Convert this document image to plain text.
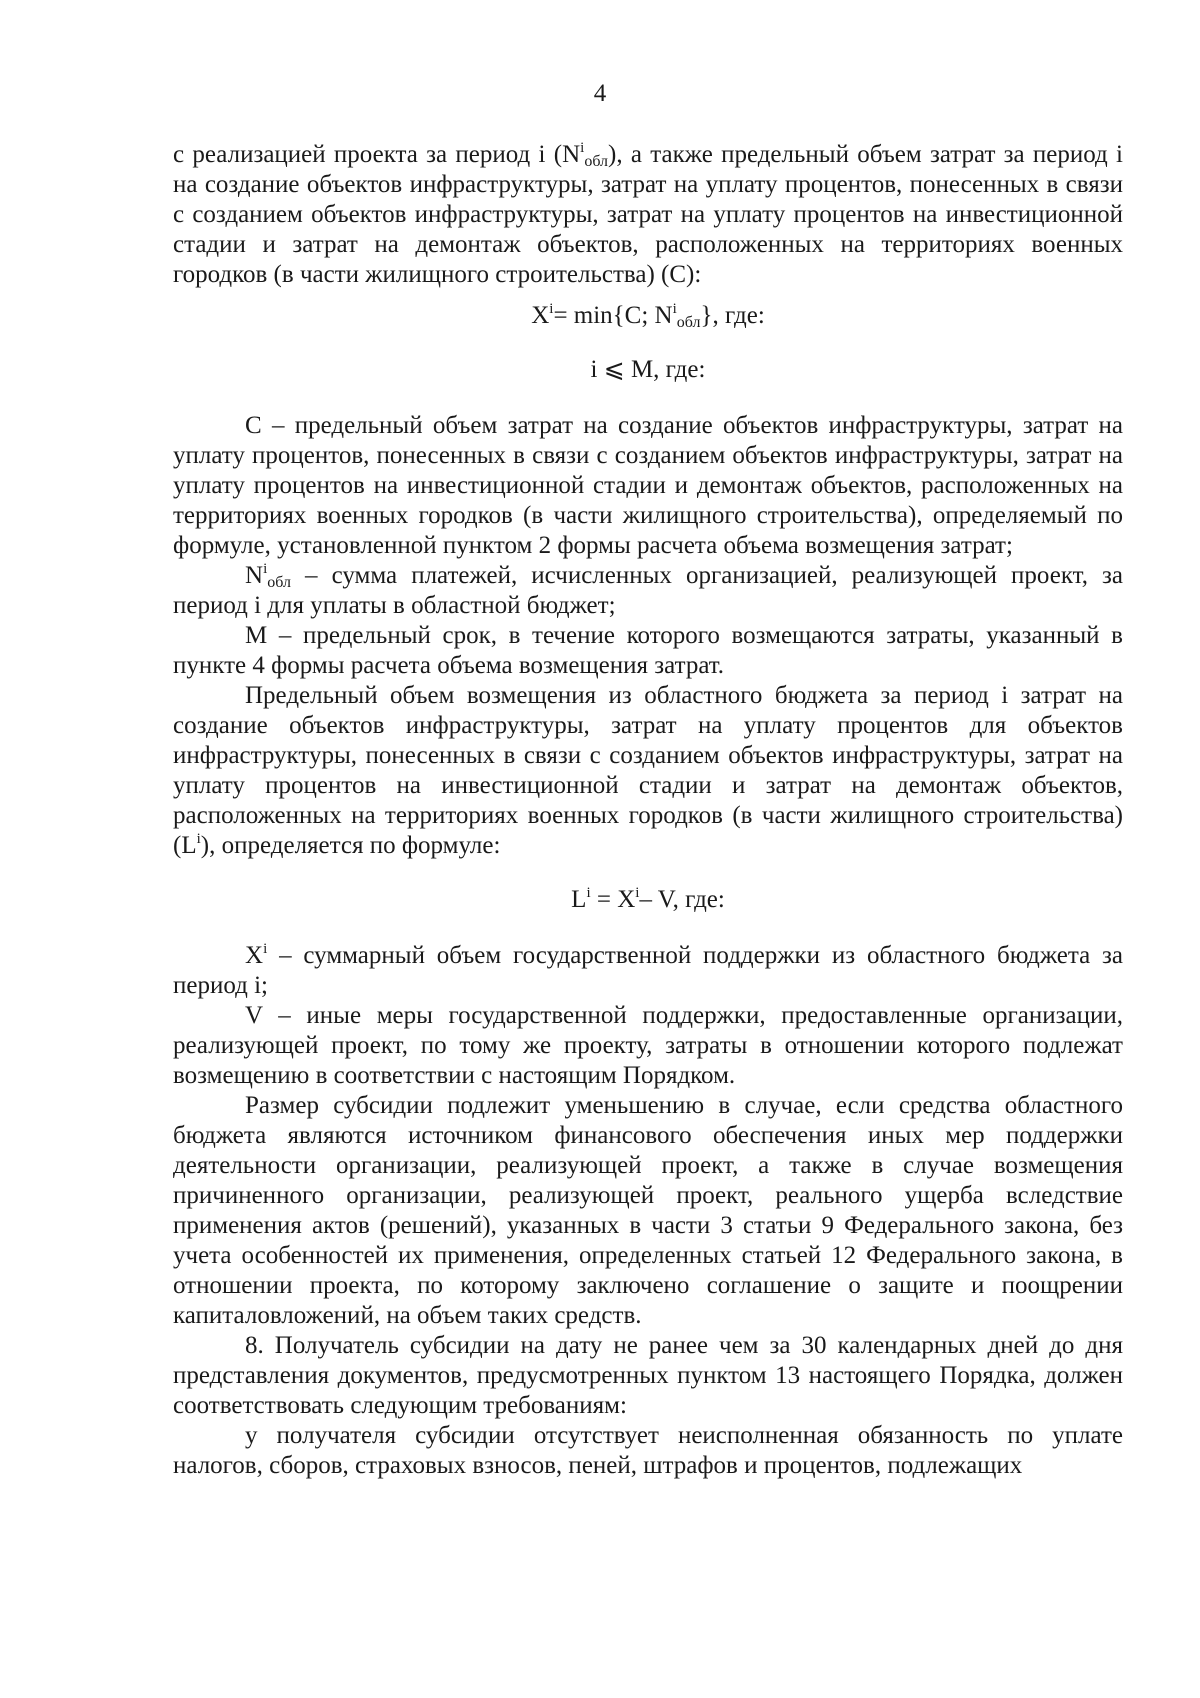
4

с реализацией проекта за период i $(N^i_{обл})$, а также предельный объем затрат за период i на создание объектов инфраструктуры, затрат на уплату процентов, понесенных в связи с созданием объектов инфраструктуры, затрат на уплату процентов на инвестиционной стадии и затрат на демонтаж объектов, расположенных на территориях военных городков (в части жилищного строительства) (С):

$X^i= \min\{C$; $N^i_{обл}$}, где:

i ⩽ M, где:

С – предельный объем затрат на создание объектов инфраструктуры, затрат на уплату процентов, понесенных в связи с созданием объектов инфраструктуры, затрат на уплату процентов на инвестиционной стадии и демонтаж объектов, расположенных на территориях военных городков (в части жилищного строительства), определяемый по формуле, установленной пунктом 2 формы расчета объема возмещения затрат;

$N^i_{обл}$ – сумма платежей, исчисленных организацией, реализующей проект, за период i для уплаты в областной бюджет;

М – предельный срок, в течение которого возмещаются затраты, указанный в пункте 4 формы расчета объема возмещения затрат.

Предельный объем возмещения из областного бюджета за период i затрат на создание объектов инфраструктуры, затрат на уплату процентов для объектов инфраструктуры, понесенных в связи с созданием объектов инфраструктуры, затрат на уплату процентов на инвестиционной стадии и затрат на демонтаж объектов, расположенных на территориях военных городков (в части жилищного строительства) $(L^i)$, определяется по формуле:

$L^i = X^i-$ V, где:

$X^i$ – суммарный объем государственной поддержки из областного бюджета за период i;

V – иные меры государственной поддержки, предоставленные организации, реализующей проект, по тому же проекту, затраты в отношении которого подлежат возмещению в соответствии с настоящим Порядком.

Размер субсидии подлежит уменьшению в случае, если средства областного бюджета являются источником финансового обеспечения иных мер поддержки деятельности организации, реализующей проект, а также в случае возмещения причиненного организации, реализующей проект, реального ущерба вследствие применения актов (решений), указанных в части 3 статьи 9 Федерального закона, без учета особенностей их применения, определенных статьей 12 Федерального закона, в отношении проекта, по которому заключено соглашение о защите и поощрении капиталовложений, на объем таких средств.

8. Получатель субсидии на дату не ранее чем за 30 календарных дней до дня представления документов, предусмотренных пунктом 13 настоящего Порядка, должен соответствовать следующим требованиям:

у получателя субсидии отсутствует неисполненная обязанность по уплате налогов, сборов, страховых взносов, пеней, штрафов и процентов, подлежащих
